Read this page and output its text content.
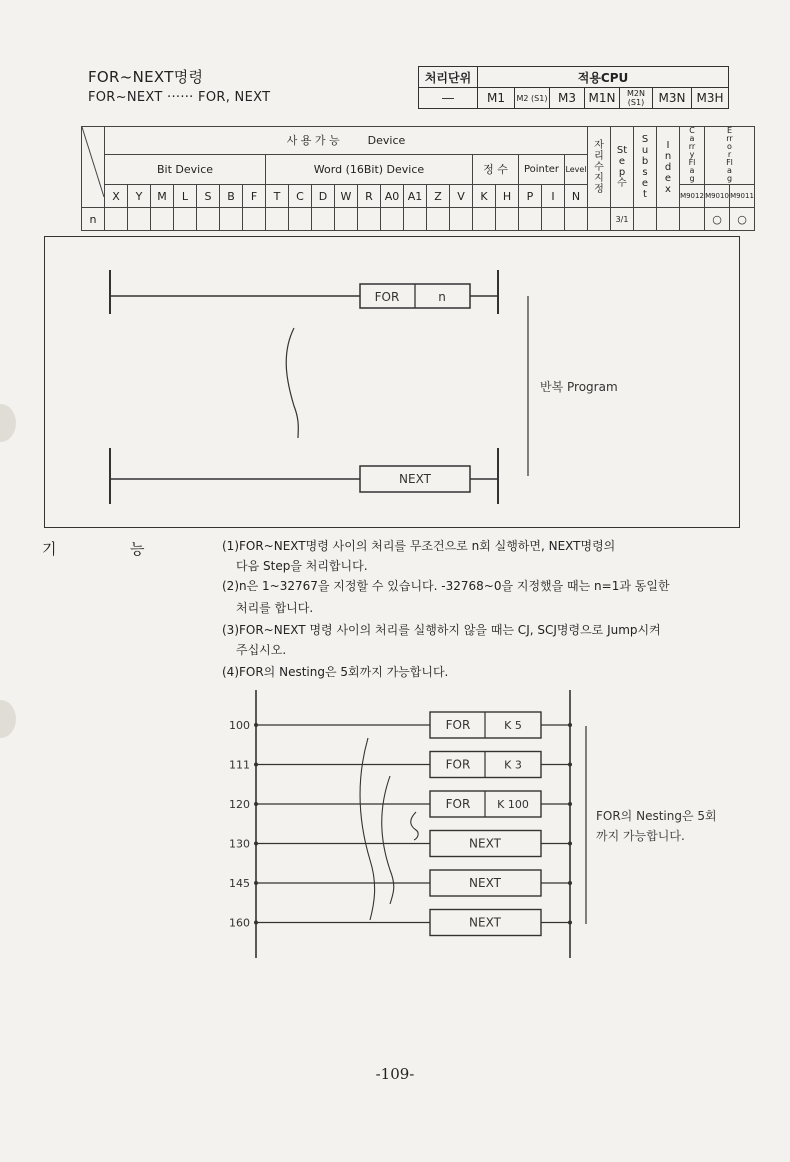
FOR~NEXT명령
FOR~NEXT ······ FOR, NEXT
처리단위	적용CPU						
―	M1	M2 (S1)	M3	M1N	M2N (S1)	M3N	M3H
	사 용 가 능 Device																					자리수지정	Step수	Subset	Index	Carry Flag	Error Flag	
	Bit Device							Word (16Bit) Device									정 수		Pointer		Level							
	X	Y	M	L	S	B	F	T	C	D	W	R	A0	A1	Z	V	K	H	P	I	N					M9012	M9010	M9011
n																							3/1				○	○
FOR	n
반복 Program
NEXT
기	능	(1)FOR~NEXT명령 사이의 처리를 무조건으로 n회 실행하면, NEXT명령의
다음 Step을 처리합니다.
(2)n은 1~32767을 지정할 수 있습니다. -32768~0을 지정했을 때는 n=1과 동일한
처리를 합니다.
(3)FOR~NEXT 명령 사이의 처리를 실행하지 않을 때는 CJ, SCJ명령으로 Jump시켜
주십시오.
(4)FOR의 Nesting은 5회까지 가능합니다.
100	FOR	K 5
111	FOR	K 3
120	FOR K 100
130	NEXT
145	NEXT
160	NEXT
FOR의 Nesting은 5회
까지 가능합니다.
-109-
